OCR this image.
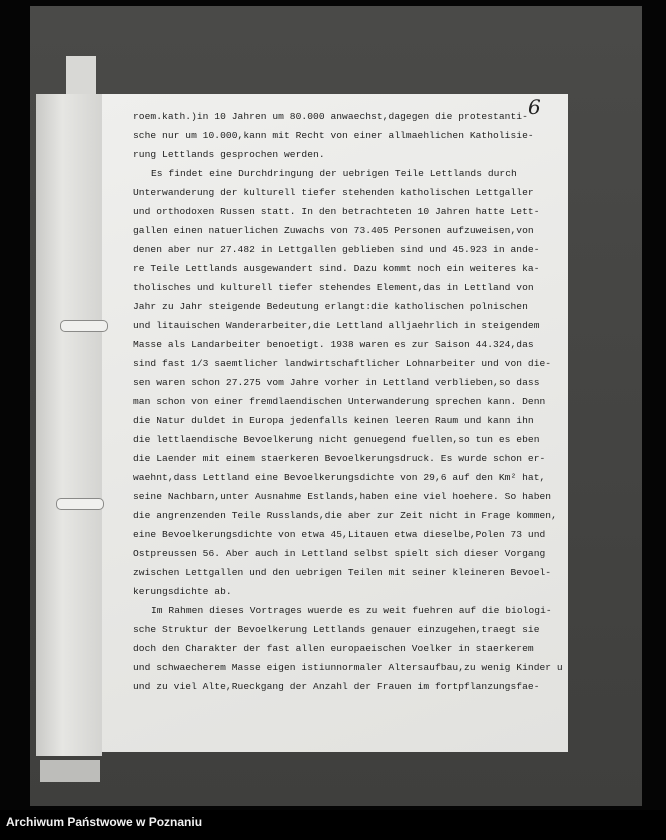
6
roem.kath.)in 10 Jahren um 80.000 anwaechst,dagegen die protestanti-
sche nur um 10.000,kann mit Recht von einer allmaehlichen Katholisie-
rung Lettlands gesprochen werden.
Es findet eine Durchdringung der uebrigen Teile Lettlands durch
Unterwanderung der kulturell tiefer stehenden katholischen Lettgaller
und orthodoxen Russen statt. In den betrachteten 10 Jahren hatte Lett-
gallen einen natuerlichen Zuwachs von 73.405 Personen aufzuweisen,von
denen aber nur 27.482 in Lettgallen geblieben sind und 45.923 in ande-
re Teile Lettlands ausgewandert sind. Dazu kommt noch ein weiteres ka-
tholisches und kulturell tiefer stehendes Element,das in Lettland von
Jahr zu Jahr steigende Bedeutung erlangt:die katholischen polnischen
und litauischen Wanderarbeiter,die Lettland alljaehrlich in steigendem
Masse als Landarbeiter benoetigt. 1938 waren es zur Saison 44.324,das
sind fast 1/3 saemtlicher landwirtschaftlicher Lohnarbeiter und von die-
sen waren schon 27.275 vom Jahre vorher in Lettland verblieben,so dass
man schon von einer fremdlaendischen Unterwanderung sprechen kann. Denn
die Natur duldet in Europa jedenfalls keinen leeren Raum und kann ihn
die lettlaendische Bevoelkerung nicht genuegend fuellen,so tun es eben
die Laender mit einem staerkeren Bevoelkerungsdruck. Es wurde schon er-
waehnt,dass Lettland eine Bevoelkerungsdichte von 29,6 auf den Km² hat,
seine Nachbarn,unter Ausnahme Estlands,haben eine viel hoehere. So haben
die angrenzenden Teile Russlands,die aber zur Zeit nicht in Frage kommen,
eine Bevoelkerungsdichte von etwa 45,Litauen etwa dieselbe,Polen 73 und
Ostpreussen 56. Aber auch in Lettland selbst spielt sich dieser Vorgang
zwischen Lettgallen und den uebrigen Teilen mit seiner kleineren Bevoel-
kerungsdichte ab.
Im Rahmen dieses Vortrages wuerde es zu weit fuehren auf die biologi-
sche Struktur der Bevoelkerung Lettlands genauer einzugehen,traegt sie
doch den Charakter der fast allen europaeischen Voelker in staerkerem
und schwaecherem Masse eigen istiunnormaler Altersaufbau,zu wenig Kinder u
und zu viel Alte,Rueckgang der Anzahl der Frauen im fortpflanzungsfae-
Archiwum Państwowe w Poznaniu
